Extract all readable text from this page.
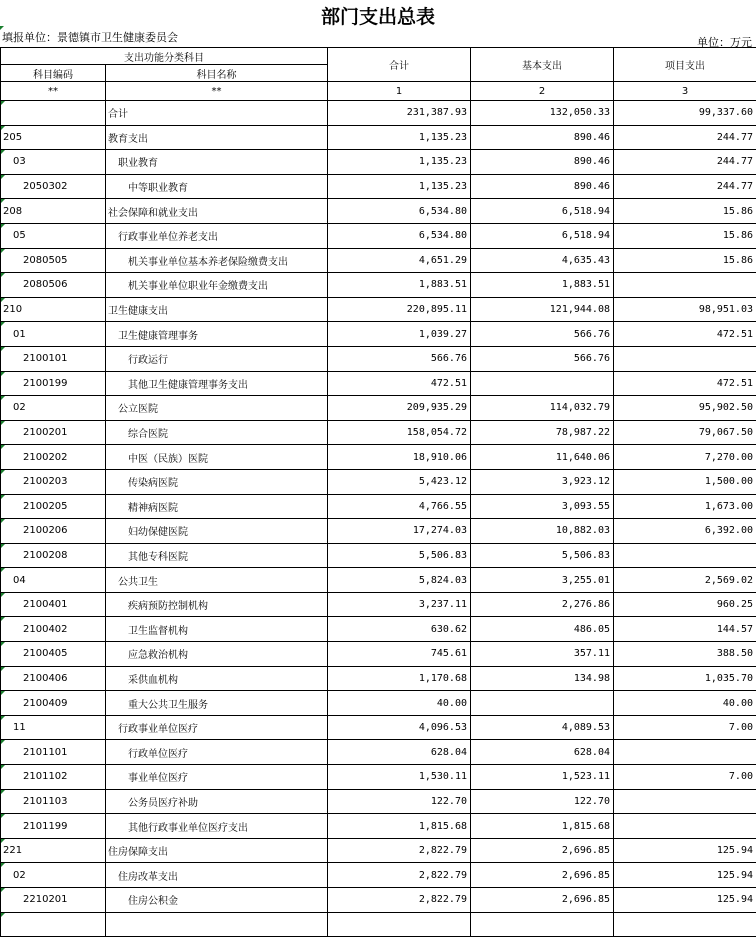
部门支出总表
填报单位：景德镇市卫生健康委员会	单位：万元
支出功能分类科目		合计	基本支出	项目支出
科目编码	科目名称			
**	**	1	2	3
	合计	231,387.93	132,050.33	99,337.60
205	教育支出	1,135.23	890.46	244.77
03	职业教育	1,135.23	890.46	244.77
2050302	中等职业教育	1,135.23	890.46	244.77
208	社会保障和就业支出	6,534.80	6,518.94	15.86
05	行政事业单位养老支出	6,534.80	6,518.94	15.86
2080505	机关事业单位基本养老保险缴费支出	4,651.29	4,635.43	15.86
2080506	机关事业单位职业年金缴费支出	1,883.51	1,883.51	
210	卫生健康支出	220,895.11	121,944.08	98,951.03
01	卫生健康管理事务	1,039.27	566.76	472.51
2100101	行政运行	566.76	566.76	
2100199	其他卫生健康管理事务支出	472.51		472.51
02	公立医院	209,935.29	114,032.79	95,902.50
2100201	综合医院	158,054.72	78,987.22	79,067.50
2100202	中医（民族）医院	18,910.06	11,640.06	7,270.00
2100203	传染病医院	5,423.12	3,923.12	1,500.00
2100205	精神病医院	4,766.55	3,093.55	1,673.00
2100206	妇幼保健医院	17,274.03	10,882.03	6,392.00
2100208	其他专科医院	5,506.83	5,506.83	
04	公共卫生	5,824.03	3,255.01	2,569.02
2100401	疾病预防控制机构	3,237.11	2,276.86	960.25
2100402	卫生监督机构	630.62	486.05	144.57
2100405	应急救治机构	745.61	357.11	388.50
2100406	采供血机构	1,170.68	134.98	1,035.70
2100409	重大公共卫生服务	40.00		40.00
11	行政事业单位医疗	4,096.53	4,089.53	7.00
2101101	行政单位医疗	628.04	628.04	
2101102	事业单位医疗	1,530.11	1,523.11	7.00
2101103	公务员医疗补助	122.70	122.70	
2101199	其他行政事业单位医疗支出	1,815.68	1,815.68	
221	住房保障支出	2,822.79	2,696.85	125.94
02	住房改革支出	2,822.79	2,696.85	125.94
2210201	住房公积金	2,822.79	2,696.85	125.94
